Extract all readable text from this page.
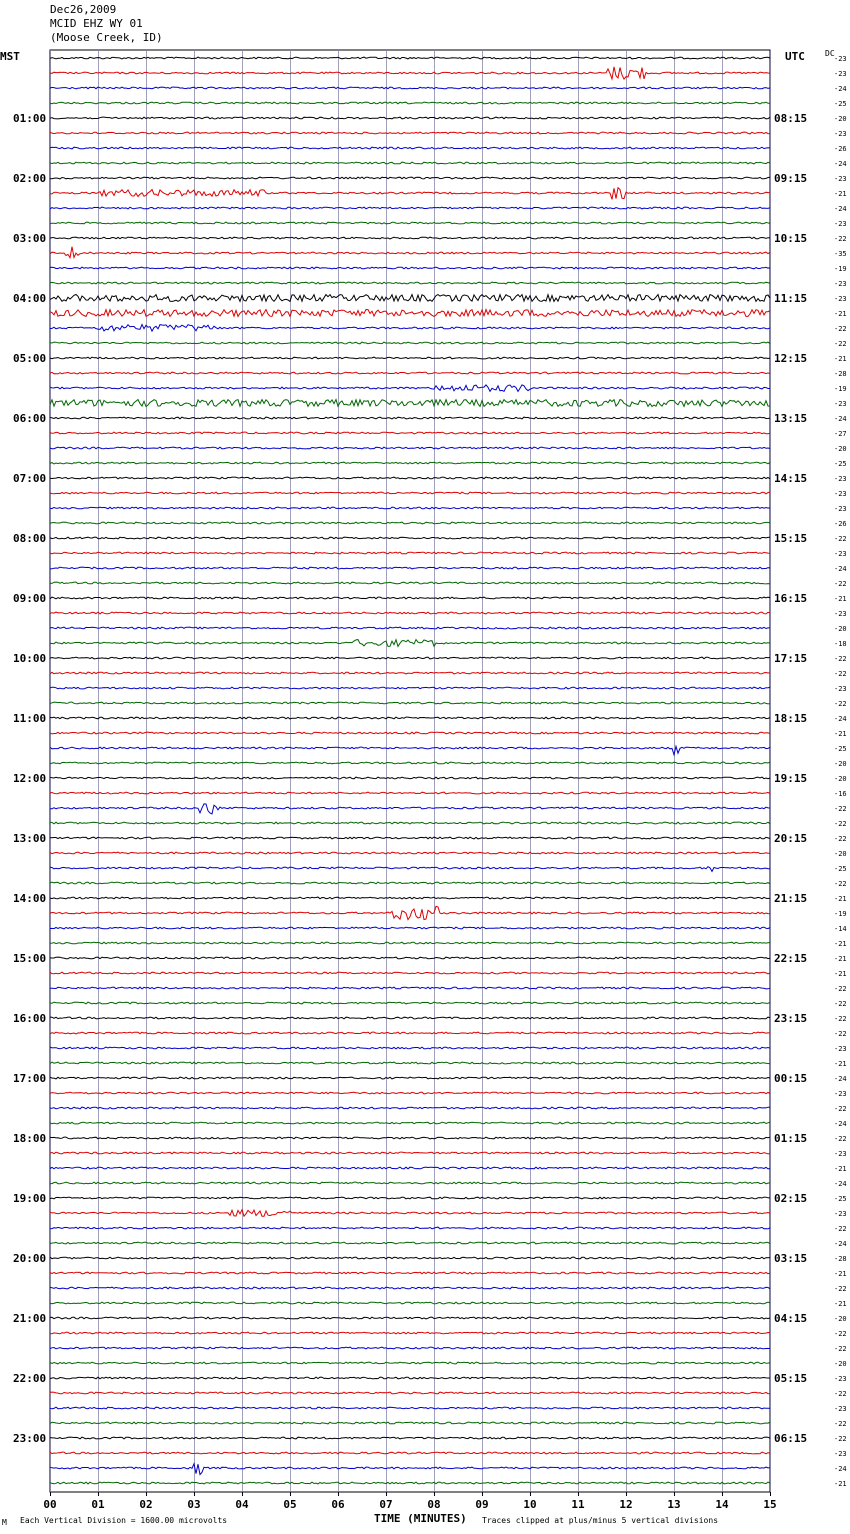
Dec26,2009
MCID EHZ WY 01
(Moose Creek, ID)
MST	UTC	DC
00	01	02	03	04	05	06	07	08	09	10	11	12	13	14	15
-23
-23
-24
-25
-20
-23
-26
-24
-23
-21
-24
-23
-22
-35
-19
-23
-23
-21
-22
-22
-21
-28
-19
-23
-24
-27
-20
-25
-23
-23
-23
-26
-22
-23
-24
-22
-21
-23
-20
-18
-22
-22
-23
-22
-24
-21
-25
-20
-20
-16
-22
-22
-22
-20
-25
-22
-21
-19
-14
-21
-21
-21
-22
-22
-22
-22
-23
-21
-24
-23
-22
-24
-22
-23
-21
-24
-25
-23
-22
-24
-28
-21
-22
-21
-20
-22
-22
-20
-23
-22
-23
-22
-22
-23
-24
-21
01:00
02:00
03:00
04:00
05:00
06:00
07:00
08:00
09:00
10:00
11:00
12:00
13:00
14:00
15:00
16:00
17:00
18:00
19:00
20:00
21:00
22:00
23:00
08:15
09:15
10:15
11:15
12:15
13:15
14:15
15:15
16:15
17:15
18:15
19:15
20:15
21:15
22:15
23:15
00:15
01:15
02:15
03:15
04:15
05:15
06:15
M Each Vertical Division = 1600.00 microvolts	TIME (MINUTES) Traces clipped at plus/minus 5 vertical divisions
